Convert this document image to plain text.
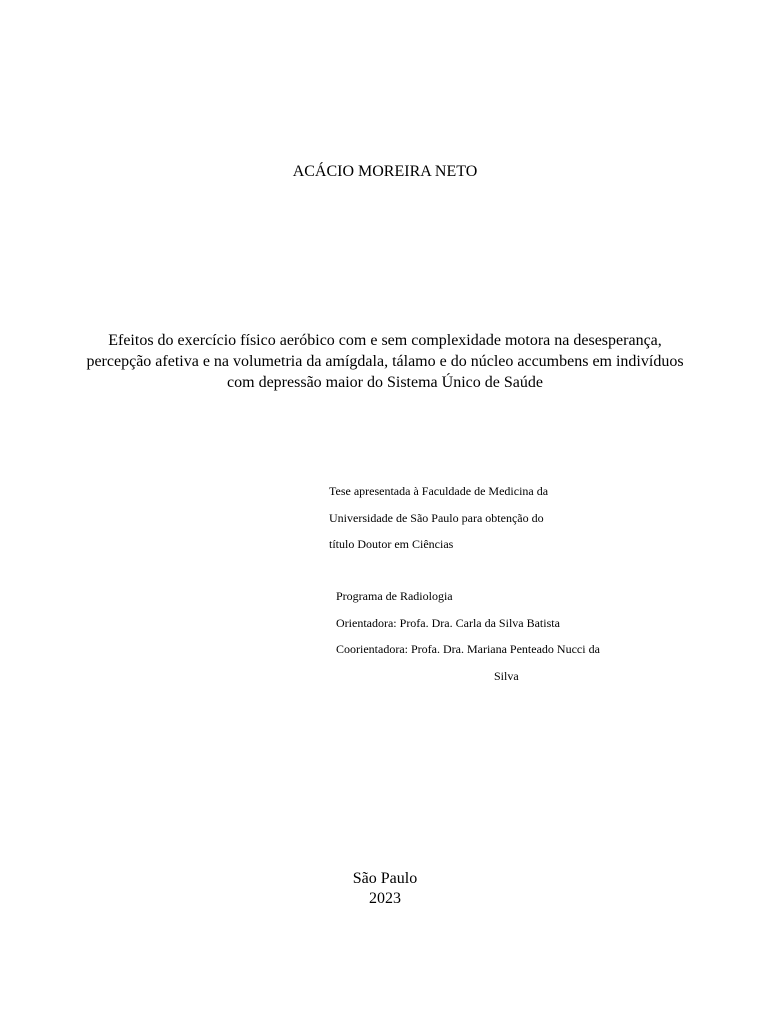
ACÁCIO MOREIRA NETO
Efeitos do exercício físico aeróbico com e sem complexidade motora na desesperança,
percepção afetiva e na volumetria da amígdala, tálamo e do núcleo accumbens em indivíduos
com depressão maior do Sistema Único de Saúde
Tese apresentada à Faculdade de Medicina da
Universidade de São Paulo para obtenção do
título Doutor em Ciências
Programa de Radiologia
Orientadora: Profa. Dra. Carla da Silva Batista
Coorientadora: Profa. Dra. Mariana Penteado Nucci da
Silva
São Paulo
2023
